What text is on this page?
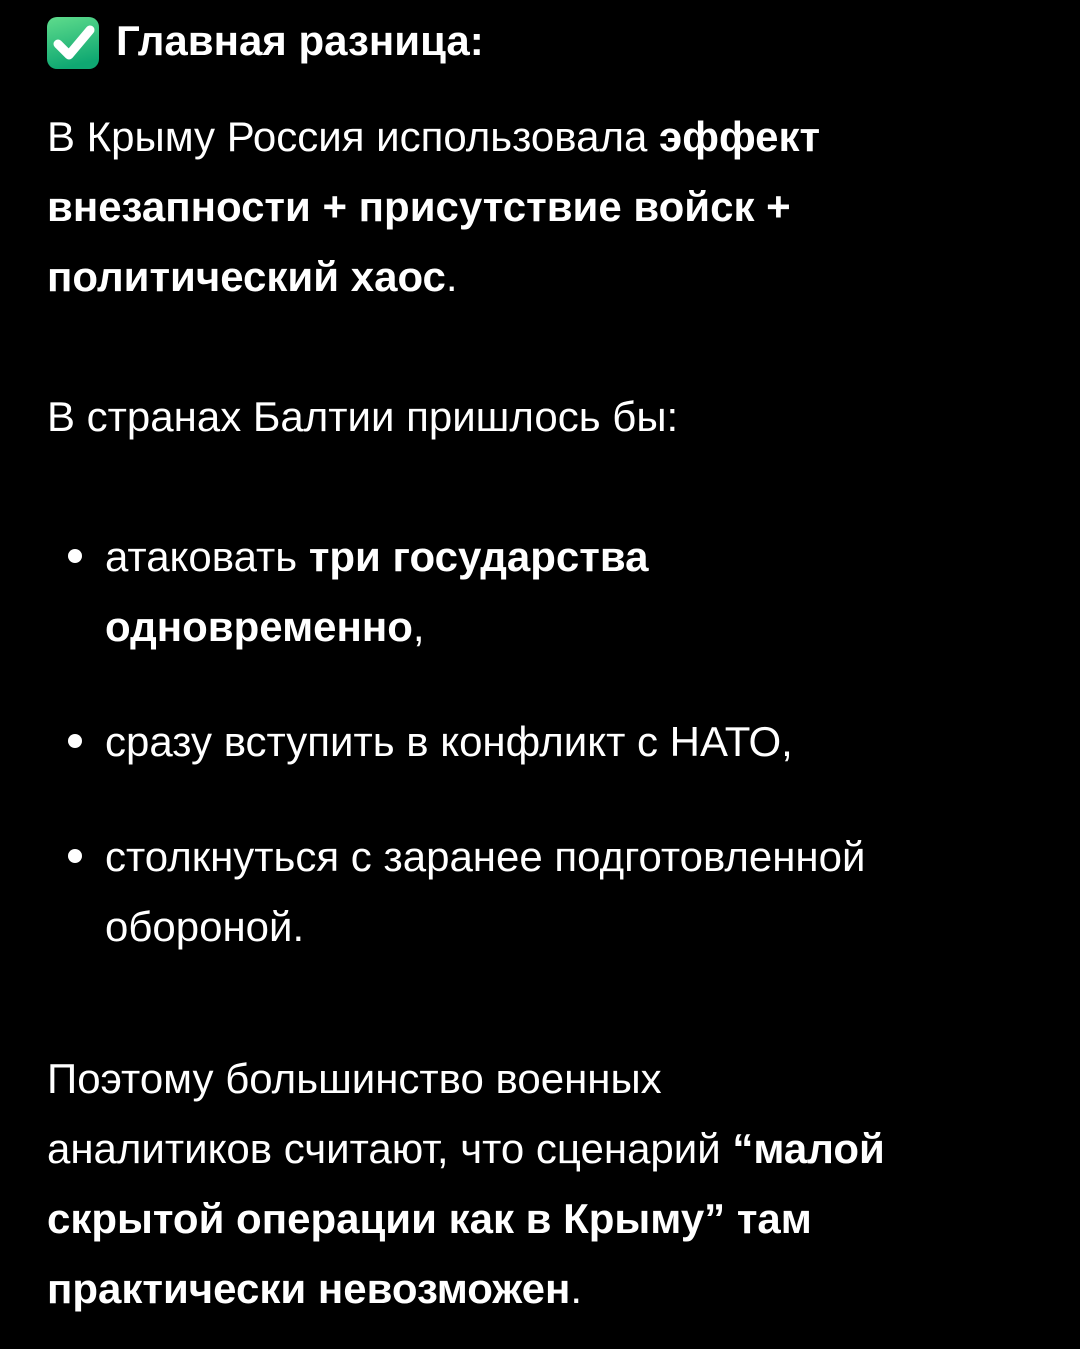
Главная разница:
В Крыму Россия использовала эффект
внезапности + присутствие войск +
политический хаос.
В странах Балтии пришлось бы:
атаковать три государства
одновременно,
сразу вступить в конфликт с НАТО,
столкнуться с заранее подготовленной
обороной.
Поэтому большинство военных
аналитиков считают, что сценарий “малой
скрытой операции как в Крыму” там
практически невозможен.
